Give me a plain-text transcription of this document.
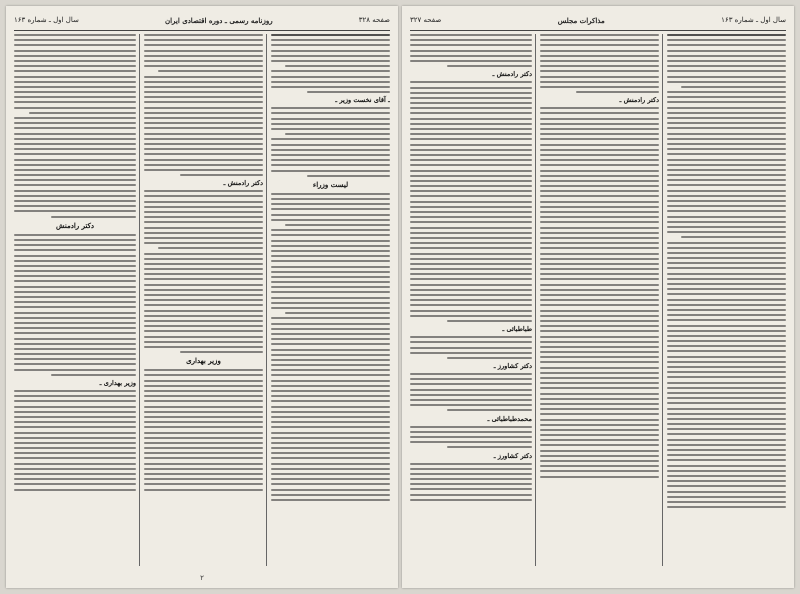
صفحه ۳۲۸
روزنامه رسمی ـ دوره اقتصادی ایران
سال اول ـ شماره ۱۶۳
ـ آقای نخست وزیر ـ
لیست وزراء
دکتر رادمنش ـ
وزیر بهداری
دکتر رادمنش
وزیر بهداری ـ
۲
سال اول ـ شماره ۱۶۳
مذاکرات مجلس
صفحه ۳۲۷
دکتر رادمنش ـ
دکتر رادمنش ـ
طباطبائی ـ
دکتر کشاورز ـ
محمدطباطبائی ـ
دکتر کشاورز ـ
